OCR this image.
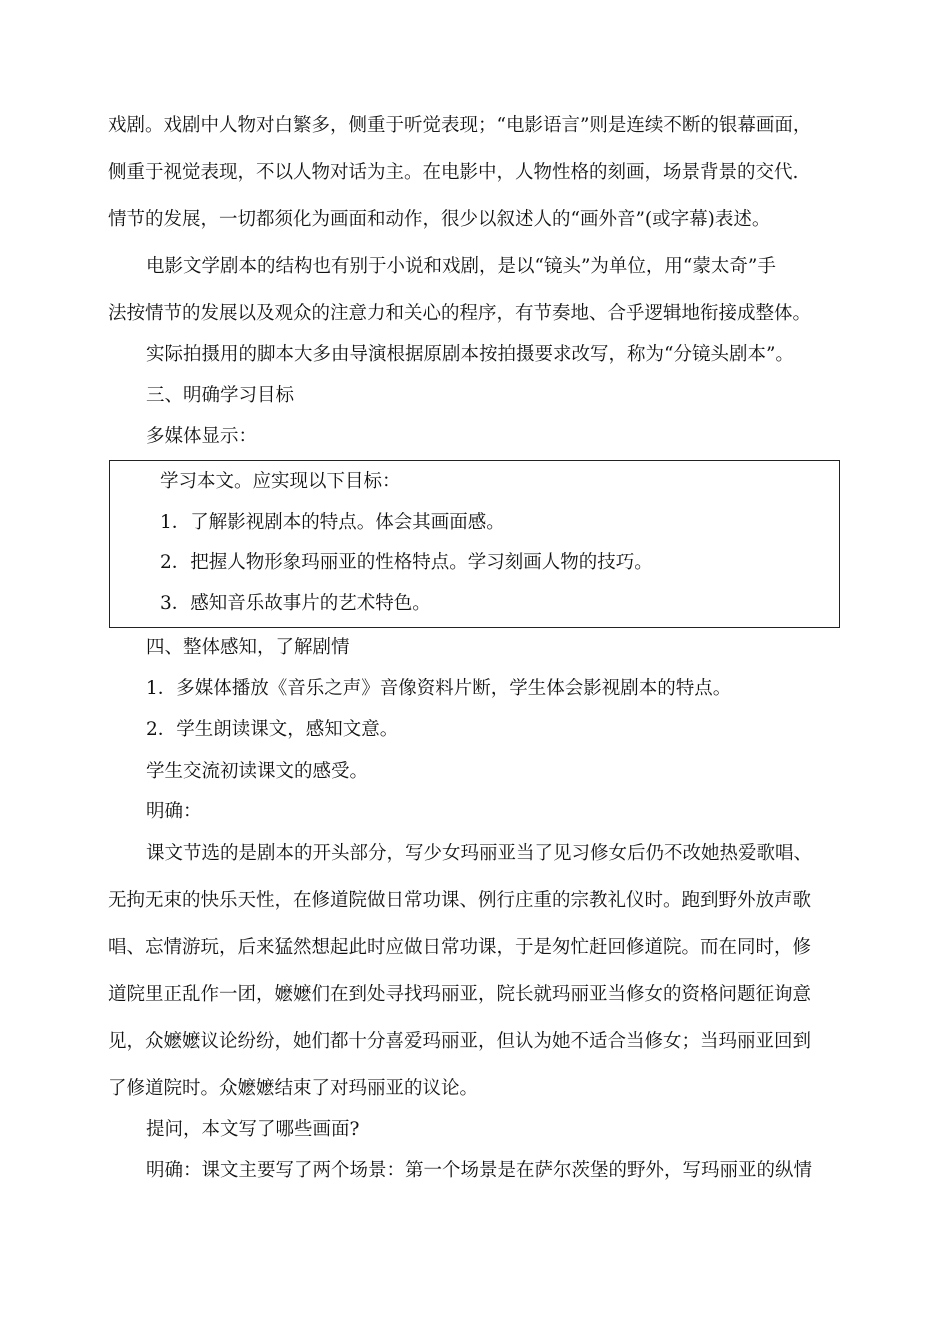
戏剧。戏剧中人物对白繁多，侧重于听觉表现；“电影语言”则是连续不断的银幕画面，
侧重于视觉表现，不以人物对话为主。在电影中，人物性格的刻画，场景背景的交代.
情节的发展，一切都须化为画面和动作，很少以叙述人的“画外音”(或字幕)表述。
电影文学剧本的结构也有别于小说和戏剧，是以“镜头”为单位，用“蒙太奇”手
法按情节的发展以及观众的注意力和关心的程序，有节奏地、合乎逻辑地衔接成整体。
实际拍摄用的脚本大多由导演根据原剧本按拍摄要求改写，称为“分镜头剧本”。
三、明确学习目标
多媒体显示：
学习本文。应实现以下目标：
1．了解影视剧本的特点。体会其画面感。
2．把握人物形象玛丽亚的性格特点。学习刻画人物的技巧。
3．感知音乐故事片的艺术特色。
四、整体感知，了解剧情
1．多媒体播放《音乐之声》音像资料片断，学生体会影视剧本的特点。
2．学生朗读课文，感知文意。
学生交流初读课文的感受。
明确：
课文节选的是剧本的开头部分，写少女玛丽亚当了见习修女后仍不改她热爱歌唱、
无拘无束的快乐天性，在修道院做日常功课、例行庄重的宗教礼仪时。跑到野外放声歌
唱、忘情游玩，后来猛然想起此时应做日常功课，于是匆忙赶回修道院。而在同时，修
道院里正乱作一团，嬷嬷们在到处寻找玛丽亚，院长就玛丽亚当修女的资格问题征询意
见，众嬷嬷议论纷纷，她们都十分喜爱玛丽亚，但认为她不适合当修女；当玛丽亚回到
了修道院时。众嬷嬷结束了对玛丽亚的议论。
提问，本文写了哪些画面?
明确：课文主要写了两个场景：第一个场景是在萨尔茨堡的野外，写玛丽亚的纵情
